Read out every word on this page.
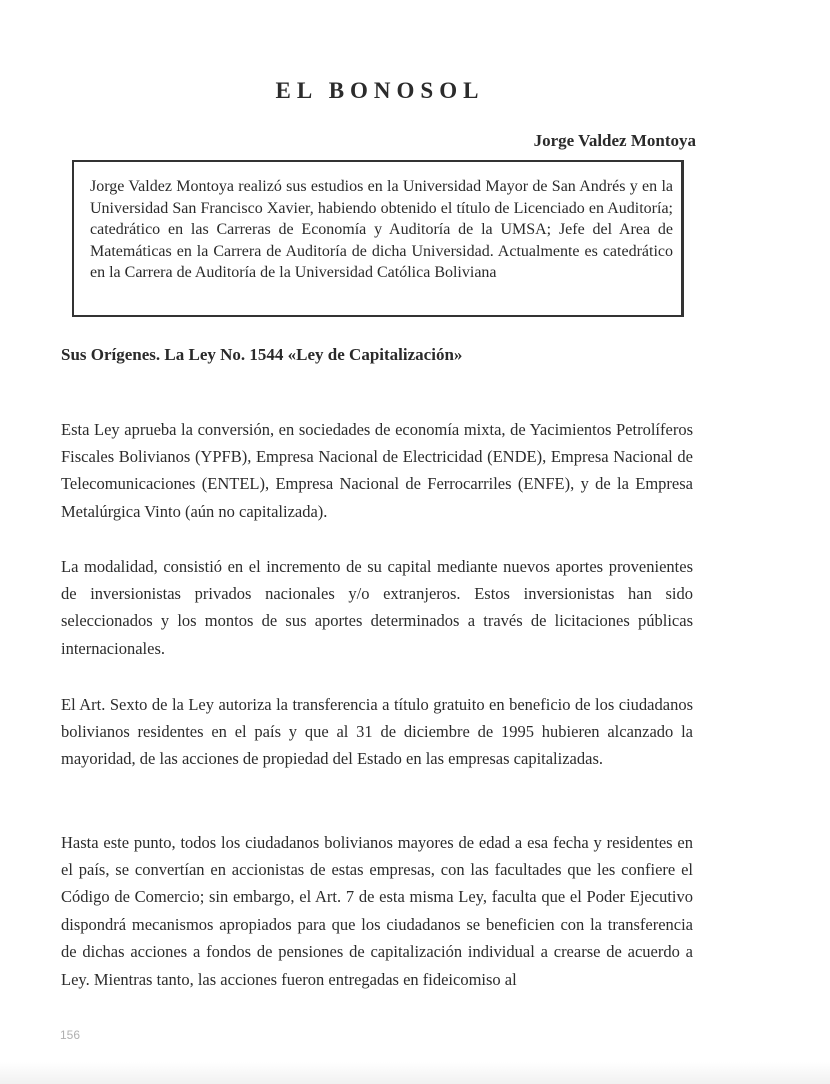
EL BONOSOL
Jorge Valdez Montoya
Jorge Valdez Montoya realizó sus estudios en la Universidad Mayor de San Andrés y en la Universidad San Francisco Xavier, habiendo obtenido el título de Licenciado en Auditoría; catedrático en las Carreras de Economía y Auditoría de la UMSA; Jefe del Area de Matemáticas en la Carrera de Auditoría de dicha Universidad. Actualmente es catedrático en la Carrera de Auditoría de la Universidad Católica Boliviana
Sus Orígenes. La Ley No. 1544 «Ley de Capitalización»

Esta Ley aprueba la conversión, en sociedades de economía mixta, de Yacimientos Petrolíferos Fiscales Bolivianos (YPFB), Empresa Nacional de Electricidad (ENDE), Empresa Nacional de Telecomunicaciones (ENTEL), Empresa Nacional de Ferrocarriles (ENFE), y de la Empresa Metalúrgica Vinto (aún no capitalizada).

La modalidad, consistió en el incremento de su capital mediante nuevos aportes provenientes de inversionistas privados nacionales y/o extranjeros. Estos inversionistas han sido seleccionados y los montos de sus aportes determinados a través de licitaciones públicas internacionales.

El Art. Sexto de la Ley autoriza la transferencia a título gratuito en beneficio de los ciudadanos bolivianos residentes en el país y que al 31 de diciembre de 1995 hubieren alcanzado la mayoridad, de las acciones de propiedad del Estado en las empresas capitalizadas.

Hasta este punto, todos los ciudadanos bolivianos mayores de edad a esa fecha y residentes en el país, se convertían en accionistas de estas empresas, con las facultades que les confiere el Código de Comercio; sin embargo, el Art. 7 de esta misma Ley, faculta que el Poder Ejecutivo dispondrá mecanismos apropiados para que los ciudadanos se beneficien con la transferencia de dichas acciones a fondos de pensiones de capitalización individual a crearse de acuerdo a Ley. Mientras tanto, las acciones fueron entregadas en fideicomiso al

156
